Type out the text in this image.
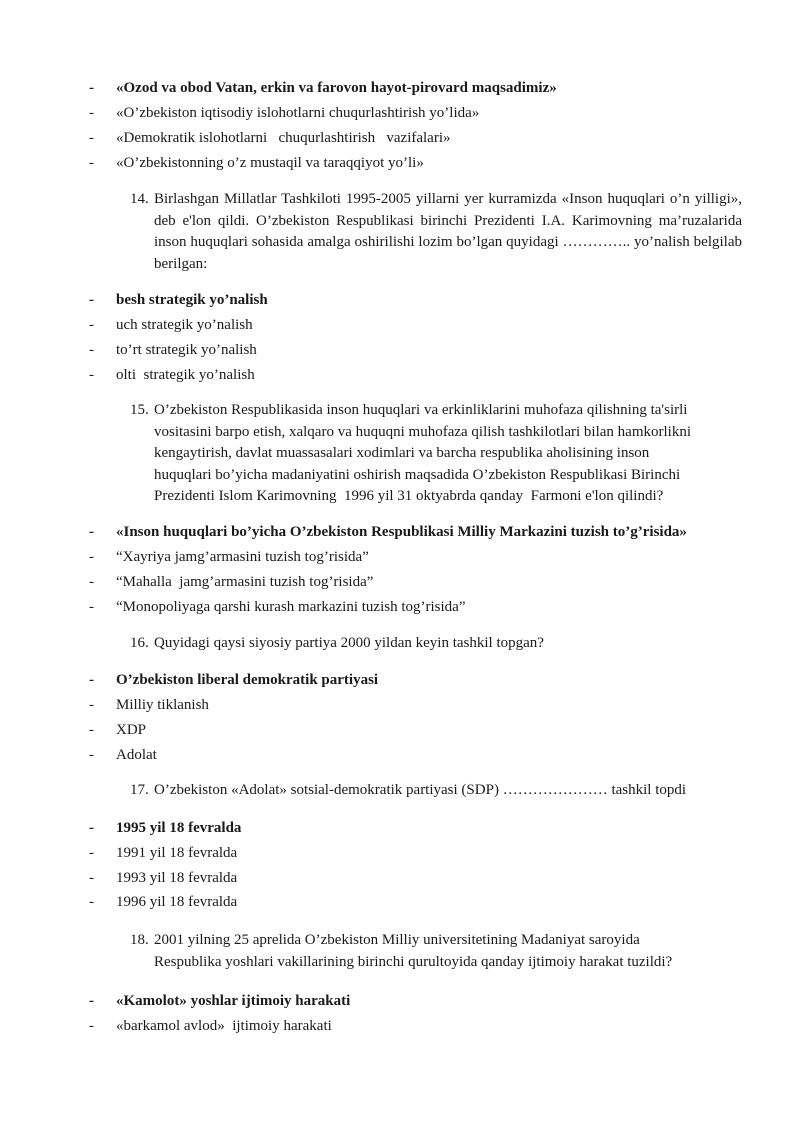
- «Ozod va obod Vatan, erkin va farovon hayot-pirovard maqsadimiz»
- «O’zbekiston iqtisodiy islohotlarni chuqurlashtirish yo’lida»
- «Demokratik islohotlarni   chuqurlashtirish   vazifalari»
- «O’zbekistonning o’z mustaqil va taraqqiyot yo’li»
14. Birlashgan Millatlar Tashkiloti 1995-2005 yillarni yer kurramizda «Inson huquqlari o’n yilligi», deb e'lon qildi. O’zbekiston Respublikasi birinchi Prezidenti I.A. Karimovning ma’ruzalarida inson huquqlari sohasida amalga oshirilishi lozim bo’lgan quyidagi ………….. yo’nalish belgilab berilgan:
- besh strategik yo’nalish
- uch strategik yo’nalish
- to’rt strategik yo’nalish
- olti  strategik yo’nalish
15. O’zbekiston Respublikasida inson huquqlari va erkinliklarini muhofaza qilishning ta'sirli
vositasini barpo etish, xalqaro va huquqni muhofaza qilish tashkilotlari bilan hamkorlikni
kengaytirish, davlat muassasalari xodimlari va barcha respublika aholisining inson
huquqlari bo’yicha madaniyatini oshirish maqsadida O’zbekiston Respublikasi Birinchi
Prezidenti Islom Karimovning  1996 yil 31 oktyabrda qanday  Farmoni e'lon qilindi?
- «Inson huquqlari bo’yicha O’zbekiston Respublikasi Milliy Markazini tuzish to’g’risida»
- “Xayriya jamg’armasini tuzish tog’risida”
- “Mahalla  jamg’armasini tuzish tog’risida”
- “Monopoliyaga qarshi kurash markazini tuzish tog’risida”
16. Quyidagi qaysi siyosiy partiya 2000 yildan keyin tashkil topgan?
- O’zbekiston liberal demokratik partiyasi
- Milliy tiklanish
- XDP
- Adolat
17. O’zbekiston «Adolat» sotsial-demokratik partiyasi (SDP) ………………… tashkil topdi
- 1995 yil 18 fevralda
- 1991 yil 18 fevralda
- 1993 yil 18 fevralda
- 1996 yil 18 fevralda
18. 2001 yilning 25 aprelida O’zbekiston Milliy universitetining Madaniyat saroyida
Respublika yoshlari vakillarining birinchi qurultoyida qanday ijtimoiy harakat tuzildi?
- «Kamolot» yoshlar ijtimoiy harakati
- «barkamol avlod»  ijtimoiy harakati
